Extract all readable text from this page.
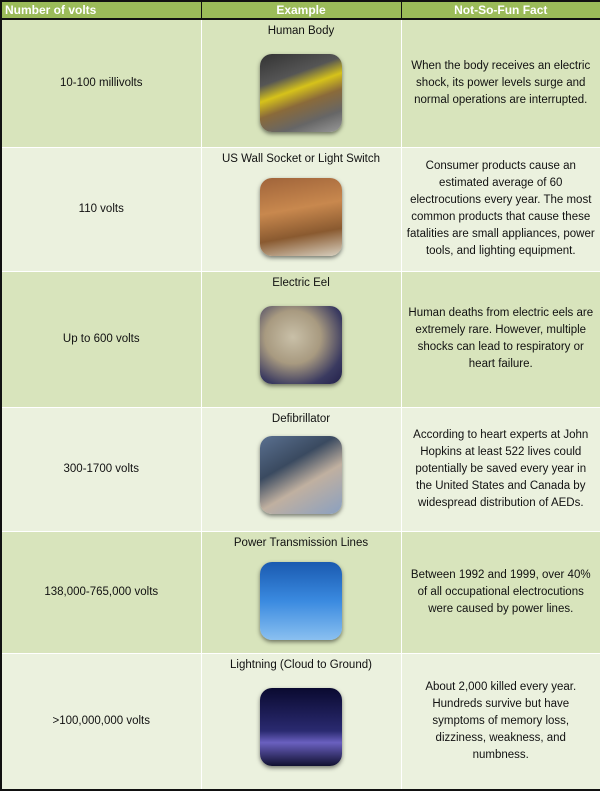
Number of volts	Example	Not-So-Fun Fact
10-100 millivolts	Human Body	When the body receives an electric shock, its power levels surge and normal operations are interrupted.
110 volts	US Wall Socket or Light Switch	Consumer products cause an estimated average of 60 electrocutions every year. The most common products that cause these fatalities are small appliances, power tools, and lighting equipment.
Up to 600 volts	Electric Eel	Human deaths from electric eels are extremely rare. However, multiple shocks can lead to respiratory or heart failure.
300-1700 volts	Defibrillator	According to heart experts at John Hopkins at least 522 lives could potentially be saved every year in the United States and Canada by widespread distribution of AEDs.
138,000-765,000 volts	Power Transmission Lines	Between 1992 and 1999, over 40% of all occupational electrocutions were caused by power lines.
>100,000,000 volts	Lightning (Cloud to Ground)	About 2,000 killed every year. Hundreds survive but have symptoms of memory loss, dizziness, weakness, and numbness.
